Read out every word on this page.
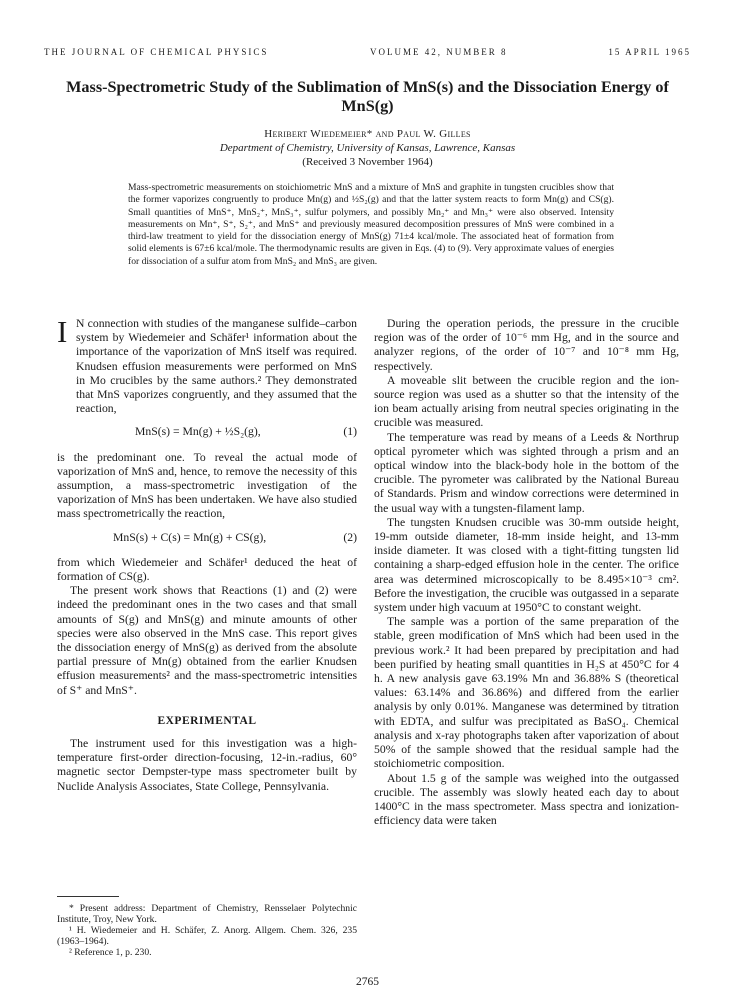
THE JOURNAL OF CHEMICAL PHYSICS	VOLUME 42, NUMBER 8	15 APRIL 1965
Mass-Spectrometric Study of the Sublimation of MnS(s) and the Dissociation Energy of MnS(g)
Heribert Wiedemeier* and Paul W. Gilles
Department of Chemistry, University of Kansas, Lawrence, Kansas
(Received 3 November 1964)

Mass-spectrometric measurements on stoichiometric MnS and a mixture of MnS and graphite in tungsten crucibles show that the former vaporizes congruently to produce Mn(g) and ½S₂(g) and that the latter system reacts to form Mn(g) and CS(g). Small quantities of MnS⁺, MnS₂⁺, MnS₃⁺, sulfur polymers, and possibly Mn₂⁺ and Mn₃⁺ were also observed. Intensity measurements on Mn⁺, S⁺, S₂⁺, and MnS⁺ and previously measured decomposition pressures of MnS were combined in a third-law treatment to yield for the dissociation energy of MnS(g) 71±4 kcal/mole. The associated heat of formation from solid elements is 67±6 kcal/mole. The thermodynamic results are given in Eqs. (4) to (9). Very approximate values of energies for dissociation of a sulfur atom from MnS₂ and MnS₃ are given.

I N connection with studies of the manganese sulfide–carbon system by Wiedemeier and Schäfer¹ information about the importance of the vaporization of MnS itself was required. Knudsen effusion measurements were performed on MnS in Mo crucibles by the same authors.² They demonstrated that MnS vaporizes congruently, and they assumed that the reaction,

MnS(s) = Mn(g) + ½S₂(g),	(1)

is the predominant one. To reveal the actual mode of vaporization of MnS and, hence, to remove the necessity of this assumption, a mass-spectrometric investigation of the vaporization of MnS has been undertaken. We have also studied mass spectrometrically the reaction,

MnS(s) + C(s) = Mn(g) + CS(g),	(2)

from which Wiedemeier and Schäfer¹ deduced the heat of formation of CS(g).

The present work shows that Reactions (1) and (2) were indeed the predominant ones in the two cases and that small amounts of S(g) and MnS(g) and minute amounts of other species were also observed in the MnS case. This report gives the dissociation energy of MnS(g) as derived from the absolute partial pressure of Mn(g) obtained from the earlier Knudsen effusion measurements² and the mass-spectrometric intensities of S⁺ and MnS⁺.

EXPERIMENTAL

The instrument used for this investigation was a high-temperature first-order direction-focusing, 12-in.-radius, 60° magnetic sector Dempster-type mass spectrometer built by Nuclide Analysis Associates, State College, Pennsylvania.

* Present address: Department of Chemistry, Rensselaer Polytechnic Institute, Troy, New York.

¹ H. Wiedemeier and H. Schäfer, Z. Anorg. Allgem. Chem. 326, 235 (1963–1964).

² Reference 1, p. 230.

During the operation periods, the pressure in the crucible region was of the order of 10⁻⁶ mm Hg, and in the source and analyzer regions, of the order of 10⁻⁷ and 10⁻⁸ mm Hg, respectively.

A moveable slit between the crucible region and the ion-source region was used as a shutter so that the intensity of the ion beam actually arising from neutral species originating in the crucible was measured.

The temperature was read by means of a Leeds & Northrup optical pyrometer which was sighted through a prism and an optical window into the black-body hole in the bottom of the crucible. The pyrometer was calibrated by the National Bureau of Standards. Prism and window corrections were determined in the usual way with a tungsten-filament lamp.

The tungsten Knudsen crucible was 30-mm outside height, 19-mm outside diameter, 18-mm inside height, and 13-mm inside diameter. It was closed with a tight-fitting tungsten lid containing a sharp-edged effusion hole in the center. The orifice area was determined microscopically to be 8.495×10⁻³ cm². Before the investigation, the crucible was outgassed in a separate system under high vacuum at 1950°C to constant weight.

The sample was a portion of the same preparation of the stable, green modification of MnS which had been used in the previous work.² It had been prepared by precipitation and had been purified by heating small quantities in H₂S at 450°C for 4 h. A new analysis gave 63.19% Mn and 36.88% S (theoretical values: 63.14% and 36.86%) and differed from the earlier analysis by only 0.01%. Manganese was determined by titration with EDTA, and sulfur was precipitated as BaSO₄. Chemical analysis and x-ray photographs taken after vaporization of about 50% of the sample showed that the residual sample had the stoichiometric composition.

About 1.5 g of the sample was weighed into the outgassed crucible. The assembly was slowly heated each day to about 1400°C in the mass spectrometer. Mass spectra and ionization-efficiency data were taken

2765
